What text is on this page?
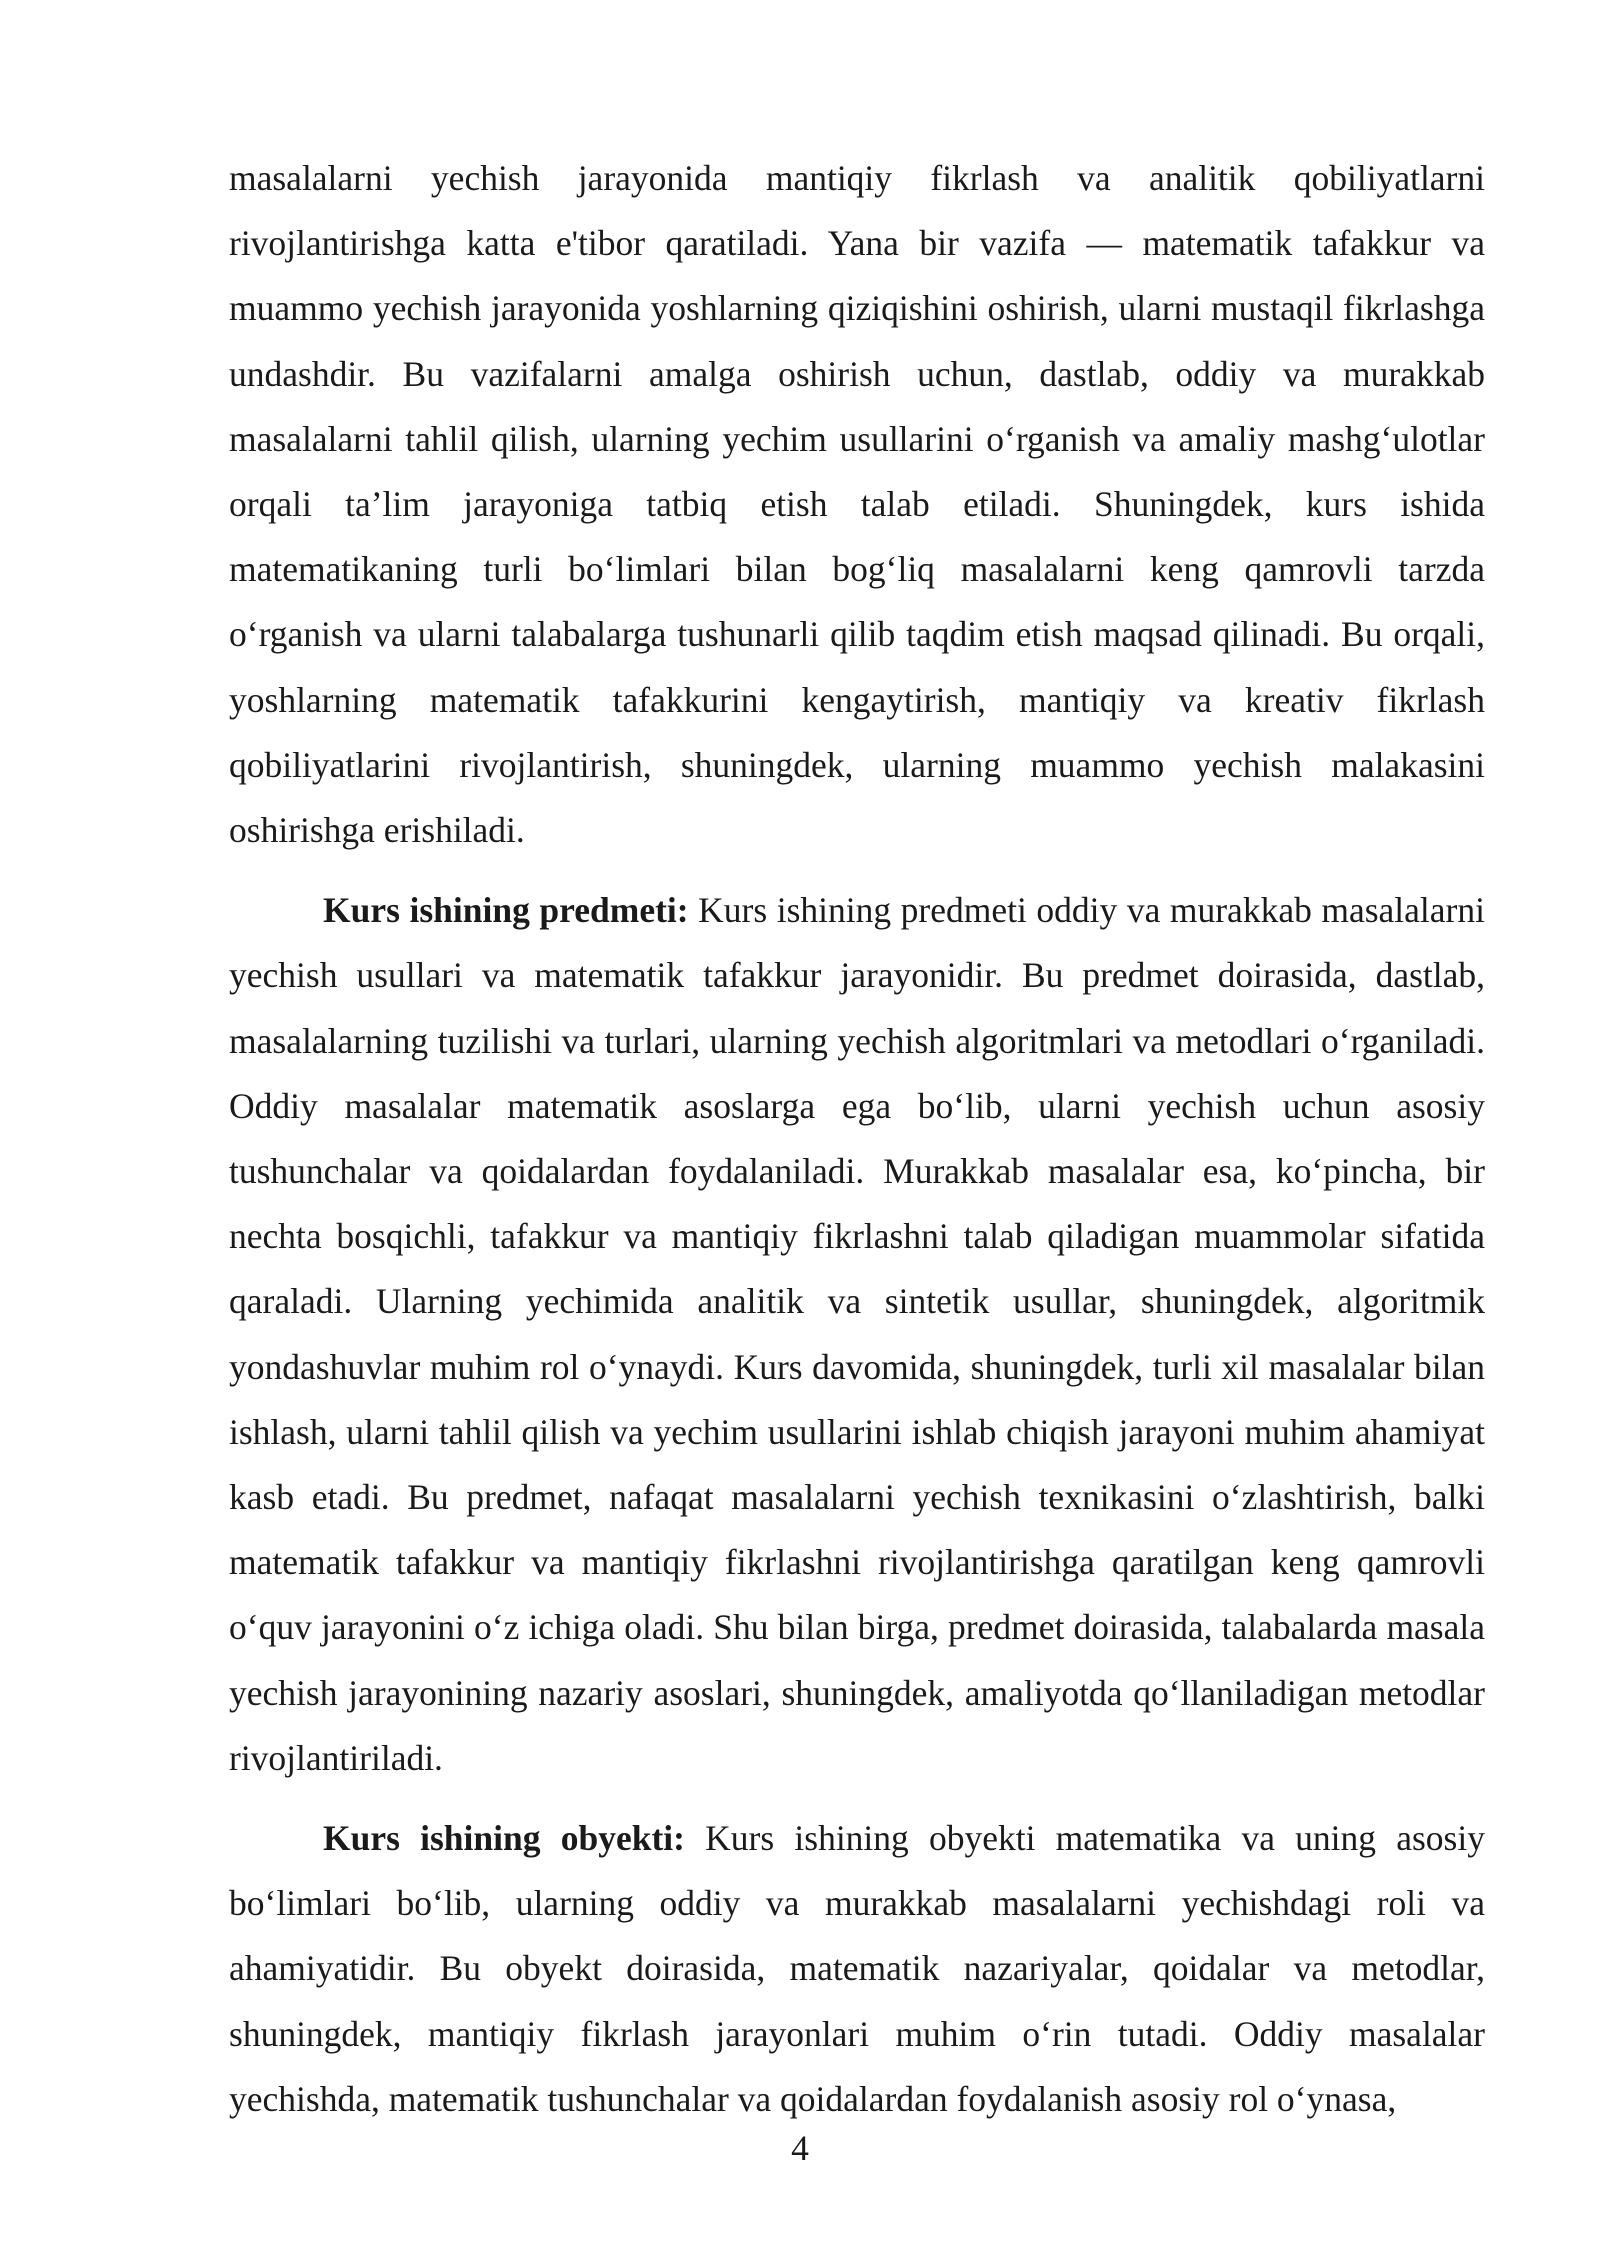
masalalarni yechish jarayonida mantiqiy fikrlash va analitik qobiliyatlarni rivojlantirishga katta e'tibor qaratiladi. Yana bir vazifa — matematik tafakkur va muammo yechish jarayonida yoshlarning qiziqishini oshirish, ularni mustaqil fikrlashga undashdir. Bu vazifalarni amalga oshirish uchun, dastlab, oddiy va murakkab masalalarni tahlil qilish, ularning yechim usullarini o‘rganish va amaliy mashg‘ulotlar orqali ta’lim jarayoniga tatbiq etish talab etiladi. Shuningdek, kurs ishida matematikaning turli bo‘limlari bilan bog‘liq masalalarni keng qamrovli tarzda o‘rganish va ularni talabalarga tushunarli qilib taqdim etish maqsad qilinadi. Bu orqali, yoshlarning matematik tafakkurini kengaytirish, mantiqiy va kreativ fikrlash qobiliyatlarini rivojlantirish, shuningdek, ularning muammo yechish malakasini oshirishga erishiladi.

Kurs ishining predmeti: Kurs ishining predmeti oddiy va murakkab masalalarni yechish usullari va matematik tafakkur jarayonidir. Bu predmet doirasida, dastlab, masalalarning tuzilishi va turlari, ularning yechish algoritmlari va metodlari o‘rganiladi. Oddiy masalalar matematik asoslarga ega bo‘lib, ularni yechish uchun asosiy tushunchalar va qoidalardan foydalaniladi. Murakkab masalalar esa, ko‘pincha, bir nechta bosqichli, tafakkur va mantiqiy fikrlashni talab qiladigan muammolar sifatida qaraladi. Ularning yechimida analitik va sintetik usullar, shuningdek, algoritmik yondashuvlar muhim rol o‘ynaydi. Kurs davomida, shuningdek, turli xil masalalar bilan ishlash, ularni tahlil qilish va yechim usullarini ishlab chiqish jarayoni muhim ahamiyat kasb etadi. Bu predmet, nafaqat masalalarni yechish texnikasini o‘zlashtirish, balki matematik tafakkur va mantiqiy fikrlashni rivojlantirishga qaratilgan keng qamrovli o‘quv jarayonini o‘z ichiga oladi. Shu bilan birga, predmet doirasida, talabalarda masala yechish jarayonining nazariy asoslari, shuningdek, amaliyotda qo‘llaniladigan metodlar rivojlantiriladi.

Kurs ishining obyekti: Kurs ishining obyekti matematika va uning asosiy bo‘limlari bo‘lib, ularning oddiy va murakkab masalalarni yechishdagi roli va ahamiyatidir. Bu obyekt doirasida, matematik nazariyalar, qoidalar va metodlar, shuningdek, mantiqiy fikrlash jarayonlari muhim o‘rin tutadi. Oddiy masalalar yechishda, matematik tushunchalar va qoidalardan foydalanish asosiy rol o‘ynasa,

4
